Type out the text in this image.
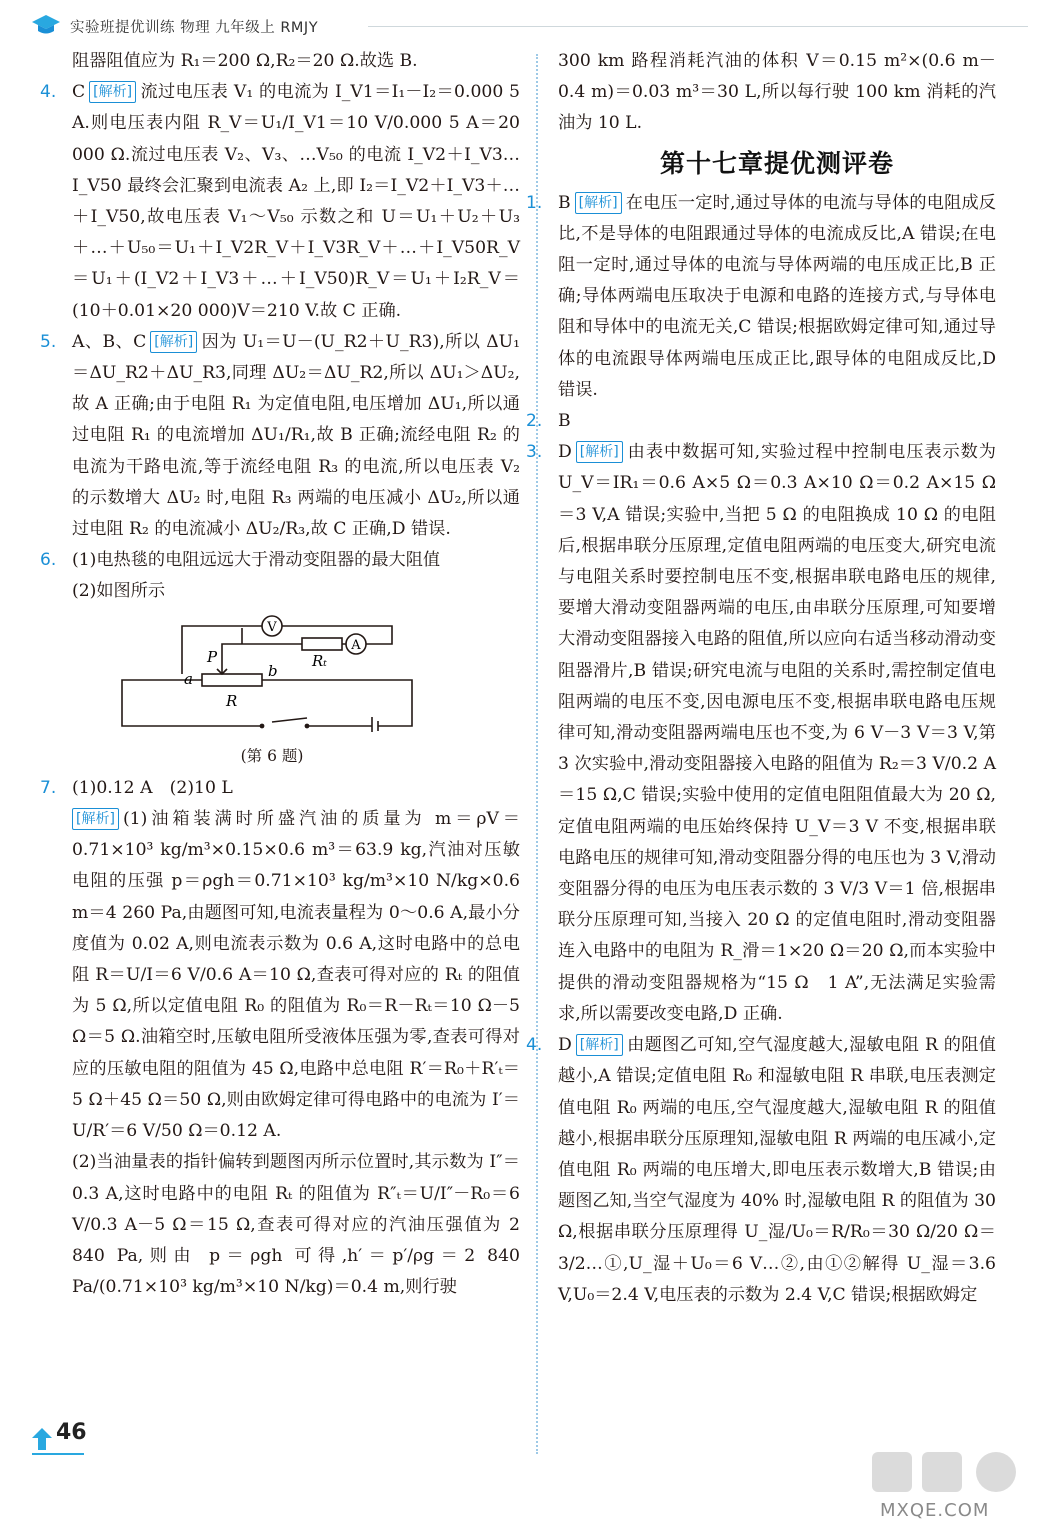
实验班提优训练 物理 九年级上 RMJY

阻器阻值应为 R₁＝200 Ω,R₂＝20 Ω.故选 B.

4. C [解析] 流过电压表 V₁ 的电流为 I_V1＝I₁－I₂＝0.000 5 A.则电压表内阻 R_V＝U₁/I_V1＝10 V/0.000 5 A＝20 000 Ω.流过电压表 V₂、V₃、…V₅₀ 的电流 I_V2＋I_V3…I_V50 最终会汇聚到电流表 A₂ 上,即 I₂＝I_V2＋I_V3＋…＋I_V50,故电压表 V₁～V₅₀ 示数之和 U＝U₁＋U₂＋U₃＋…＋U₅₀＝U₁＋I_V2R_V＋I_V3R_V＋…＋I_V50R_V＝U₁＋(I_V2＋I_V3＋…＋I_V50)R_V＝U₁＋I₂R_V＝(10＋0.01×20 000)V＝210 V.故 C 正确.
5. A、B、C [解析] 因为 U₁＝U－(U_R2＋U_R3),所以 ΔU₁＝ΔU_R2＋ΔU_R3,同理 ΔU₂＝ΔU_R2,所以 ΔU₁＞ΔU₂,故 A 正确;由于电阻 R₁ 为定值电阻,电压增加 ΔU₁,所以通过电阻 R₁ 的电流增加 ΔU₁/R₁,故 B 正确;流经电阻 R₂ 的电流为干路电流,等于流经电阻 R₃ 的电流,所以电压表 V₂ 的示数增大 ΔU₂ 时,电阻 R₃ 两端的电压减小 ΔU₂,所以通过电阻 R₂ 的电流减小 ΔU₂/R₃,故 C 正确,D 错误.
6. (1)电热毯的电阻远远大于滑动变阻器的最大阻值

(2)如图所示

V
A
Rₜ
P
a	b
R
(第 6 题)
7. (1)0.12 A　(2)10 L

[解析] (1)油箱装满时所盛汽油的质量为 m＝ρV＝0.71×10³ kg/m³×0.15×0.6 m³＝63.9 kg,汽油对压敏电阻的压强 p＝ρgh＝0.71×10³ kg/m³×10 N/kg×0.6 m＝4 260 Pa,由题图可知,电流表量程为 0～0.6 A,最小分度值为 0.02 A,则电流表示数为 0.6 A,这时电路中的总电阻 R＝U/I＝6 V/0.6 A＝10 Ω,查表可得对应的 Rₜ 的阻值为 5 Ω,所以定值电阻 R₀ 的阻值为 R₀＝R－Rₜ＝10 Ω－5 Ω＝5 Ω.油箱空时,压敏电阻所受液体压强为零,查表可得对应的压敏电阻的阻值为 45 Ω,电路中总电阻 R′＝R₀＋R′ₜ＝5 Ω＋45 Ω＝50 Ω,则由欧姆定律可得电路中的电流为 I′＝U/R′＝6 V/50 Ω＝0.12 A.

(2)当油量表的指针偏转到题图丙所示位置时,其示数为 I″＝0.3 A,这时电路中的电阻 Rₜ 的阻值为 R″ₜ＝U/I″－R₀＝6 V/0.3 A－5 Ω＝15 Ω,查表可得对应的汽油压强值为 2 840 Pa,则由 p＝ρgh 可得,h′＝p′/ρg＝2 840 Pa/(0.71×10³ kg/m³×10 N/kg)＝0.4 m,则行驶

300 km 路程消耗汽油的体积 V＝0.15 m²×(0.6 m－0.4 m)＝0.03 m³＝30 L,所以每行驶 100 km 消耗的汽油为 10 L.

第十七章提优测评卷
1. B [解析] 在电压一定时,通过导体的电流与导体的电阻成反比,不是导体的电阻跟通过导体的电流成反比,A 错误;在电阻一定时,通过导体的电流与导体两端的电压成正比,B 正确;导体两端电压取决于电源和电路的连接方式,与导体电阻和导体中的电流无关,C 错误;根据欧姆定律可知,通过导体的电流跟导体两端电压成正比,跟导体的电阻成反比,D 错误.
2. B
3. D [解析] 由表中数据可知,实验过程中控制电压表示数为 U_V＝IR₁＝0.6 A×5 Ω＝0.3 A×10 Ω＝0.2 A×15 Ω＝3 V,A 错误;实验中,当把 5 Ω 的电阻换成 10 Ω 的电阻后,根据串联分压原理,定值电阻两端的电压变大,研究电流与电阻关系时要控制电压不变,根据串联电路电压的规律,要增大滑动变阻器两端的电压,由串联分压原理,可知要增大滑动变阻器接入电路的阻值,所以应向右适当移动滑动变阻器滑片,B 错误;研究电流与电阻的关系时,需控制定值电阻两端的电压不变,因电源电压不变,根据串联电路电压规律可知,滑动变阻器两端电压也不变,为 6 V－3 V＝3 V,第 3 次实验中,滑动变阻器接入电路的阻值为 R₂＝3 V/0.2 A＝15 Ω,C 错误;实验中使用的定值电阻阻值最大为 20 Ω,定值电阻两端的电压始终保持 U_V＝3 V 不变,根据串联电路电压的规律可知,滑动变阻器分得的电压也为 3 V,滑动变阻器分得的电压为电压表示数的 3 V/3 V＝1 倍,根据串联分压原理可知,当接入 20 Ω 的定值电阻时,滑动变阻器连入电路中的电阻为 R_滑＝1×20 Ω＝20 Ω,而本实验中提供的滑动变阻器规格为“15 Ω　1 A”,无法满足实验需求,所以需要改变电路,D 正确.
4. D [解析] 由题图乙可知,空气湿度越大,湿敏电阻 R 的阻值越小,A 错误;定值电阻 R₀ 和湿敏电阻 R 串联,电压表测定值电阻 R₀ 两端的电压,空气湿度越大,湿敏电阻 R 的阻值越小,根据串联分压原理知,湿敏电阻 R 两端的电压减小,定值电阻 R₀ 两端的电压增大,即电压表示数增大,B 错误;由题图乙知,当空气湿度为 40% 时,湿敏电阻 R 的阻值为 30 Ω,根据串联分压原理得 U_湿/U₀＝R/R₀＝30 Ω/20 Ω＝3/2…①,U_湿＋U₀＝6 V…②,由①②解得 U_湿＝3.6 V,U₀＝2.4 V,电压表的示数为 2.4 V,C 错误;根据欧姆定
46
MXQE.COM
